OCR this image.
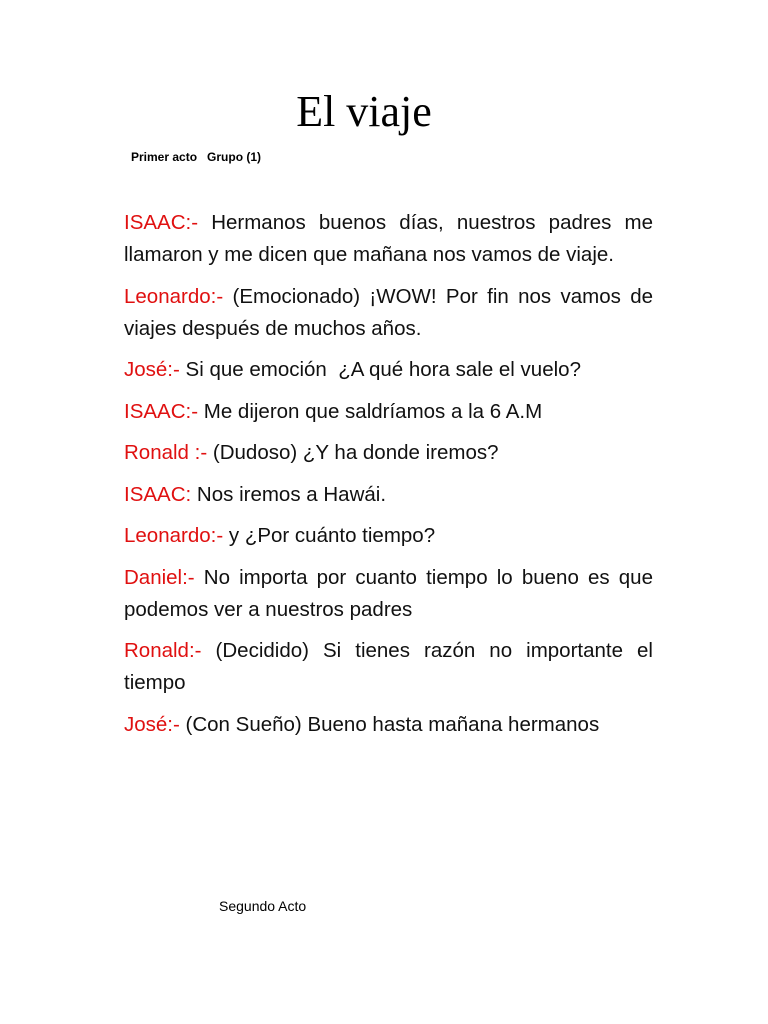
El viaje
Primer acto   Grupo (1)

ISAAC:- Hermanos buenos días, nuestros padres me llamaron y me dicen que mañana nos vamos de viaje.

Leonardo:- (Emocionado) ¡WOW! Por fin nos vamos de viajes después de muchos años.

José:- Si que emoción  ¿A qué hora sale el vuelo?

ISAAC:- Me dijeron que saldríamos a la 6 A.M

Ronald :- (Dudoso) ¿Y ha donde iremos?

ISAAC: Nos iremos a Hawái.

Leonardo:- y ¿Por cuánto tiempo?

Daniel:- No importa por cuanto tiempo lo bueno es que podemos ver a nuestros padres

Ronald:- (Decidido) Si tienes razón no importante el tiempo

José:- (Con Sueño) Bueno hasta mañana hermanos

Segundo Acto
